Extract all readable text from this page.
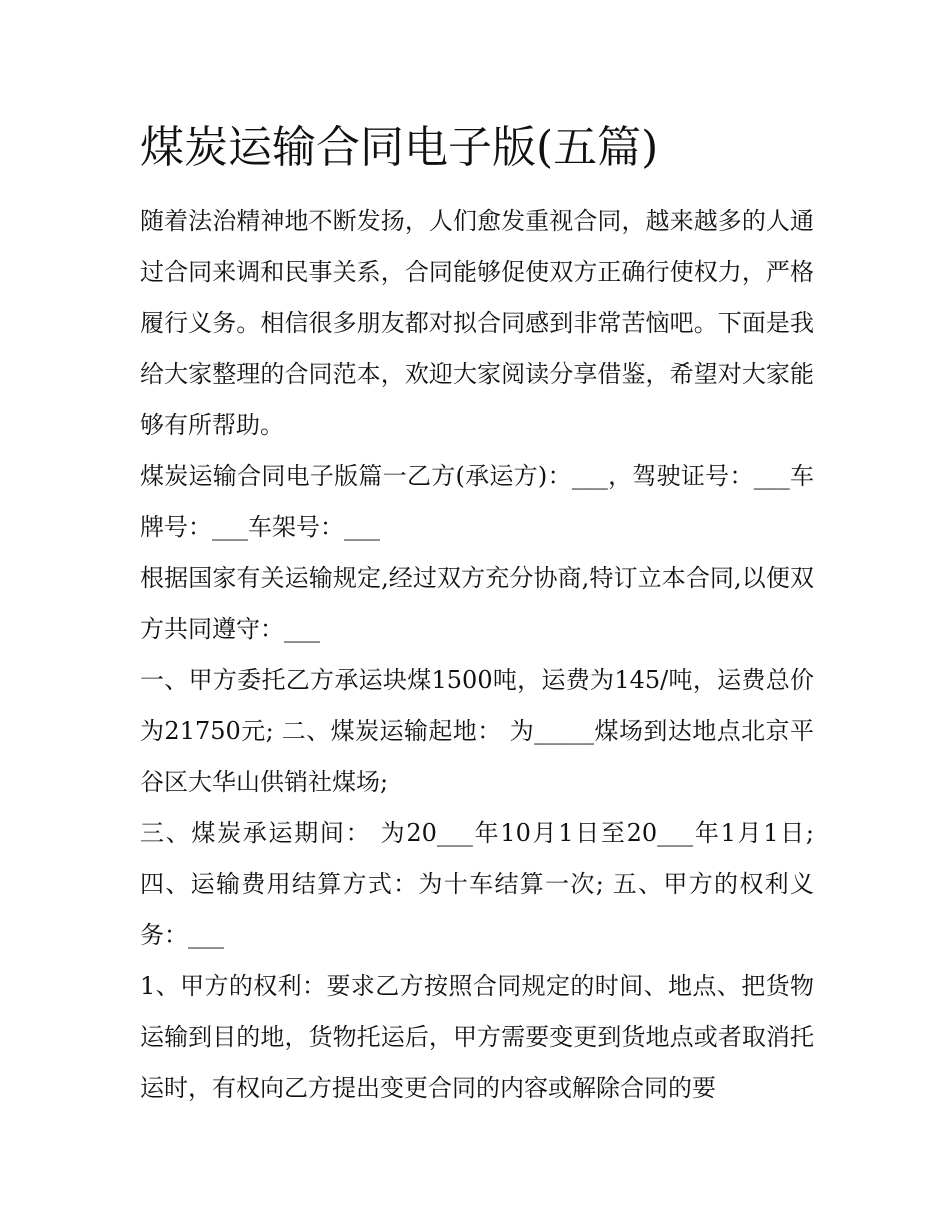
煤炭运输合同电子版(五篇)

随着法治精神地不断发扬，人们愈发重视合同，越来越多的人通过合同来调和民事关系，合同能够促使双方正确行使权力，严格履行义务。相信很多朋友都对拟合同感到非常苦恼吧。下面是我给大家整理的合同范本，欢迎大家阅读分享借鉴，希望对大家能够有所帮助。

煤炭运输合同电子版篇一乙方(承运方)：___，驾驶证号：___车牌号：___车架号：___

根据国家有关运输规定,经过双方充分协商,特订立本合同,以便双方共同遵守：___

一、甲方委托乙方承运块煤1500吨，运费为145/吨，运费总价为21750元; 二、煤炭运输起地： 为_____煤场到达地点北京平谷区大华山供销社煤场;

三、煤炭承运期间： 为20___年10月1日至20___年1月1日; 四、运输费用结算方式：为十车结算一次; 五、甲方的权利义务：___

1、甲方的权利：要求乙方按照合同规定的时间、地点、把货物运输到目的地，货物托运后，甲方需要变更到货地点或者取消托运时，有权向乙方提出变更合同的内容或解除合同的要
